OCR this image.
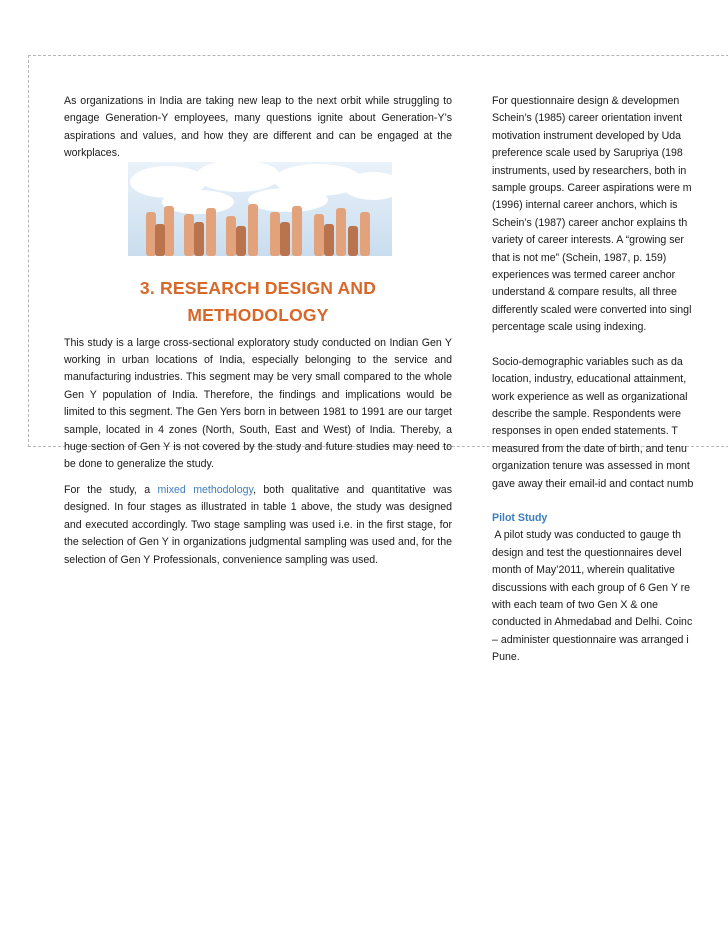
As organizations in India are taking new leap to the next orbit while struggling to engage Generation-Y employees, many questions ignite about Generation-Y’s aspirations and values, and how they are different and can be engaged at the workplaces.

3. RESEARCH DESIGN AND
METHODOLOGY

This study is a large cross-sectional exploratory study conducted on Indian Gen Y working in urban locations of India, especially belonging to the service and manufacturing industries. This segment may be very small compared to the whole Gen Y population of India. Therefore, the findings and implications would be limited to this segment. The Gen Yers born in between 1981 to 1991 are our target sample, located in 4 zones (North, South, East and West) of India. Thereby, a huge section of Gen Y is not covered by the study and future studies may need to be done to generalize the study.

For the study, a mixed methodology, both qualitative and quantitative was designed. In four stages as illustrated in table 1 above, the study was designed and executed accordingly. Two stage sampling was used i.e. in the first stage, for the selection of Gen Y in organizations judgmental sampling was used and, for the selection of Gen Y Professionals, convenience sampling was used.

For questionnaire design & developmen
Schein’s (1985) career orientation invent
motivation instrument developed by Uda
preference scale used by Sarupriya (198
instruments, used by researchers, both in
sample groups. Career aspirations were m
(1996) internal career anchors, which is
Schein’s (1987) career anchor explains th
variety of career interests. A “growing ser
that is not me” (Schein, 1987, p. 159)
experiences was termed career anchor
understand & compare results, all three
differently scaled were converted into singl
percentage scale using indexing.
Socio-demographic variables such as da
location, industry, educational attainment,
work experience as well as organizational
describe the sample. Respondents were
responses in open ended statements. T
measured from the date of birth, and tenu
organization tenure was assessed in mont
gave away their email-id and contact numb
Pilot Study
A pilot study was conducted to gauge th
design and test the questionnaires devel
month of May’2011, wherein qualitative
discussions with each group of 6 Gen Y re
with each team of two Gen X & one
conducted in Ahmedabad and Delhi. Coinc
– administer questionnaire was arranged i
Pune.
